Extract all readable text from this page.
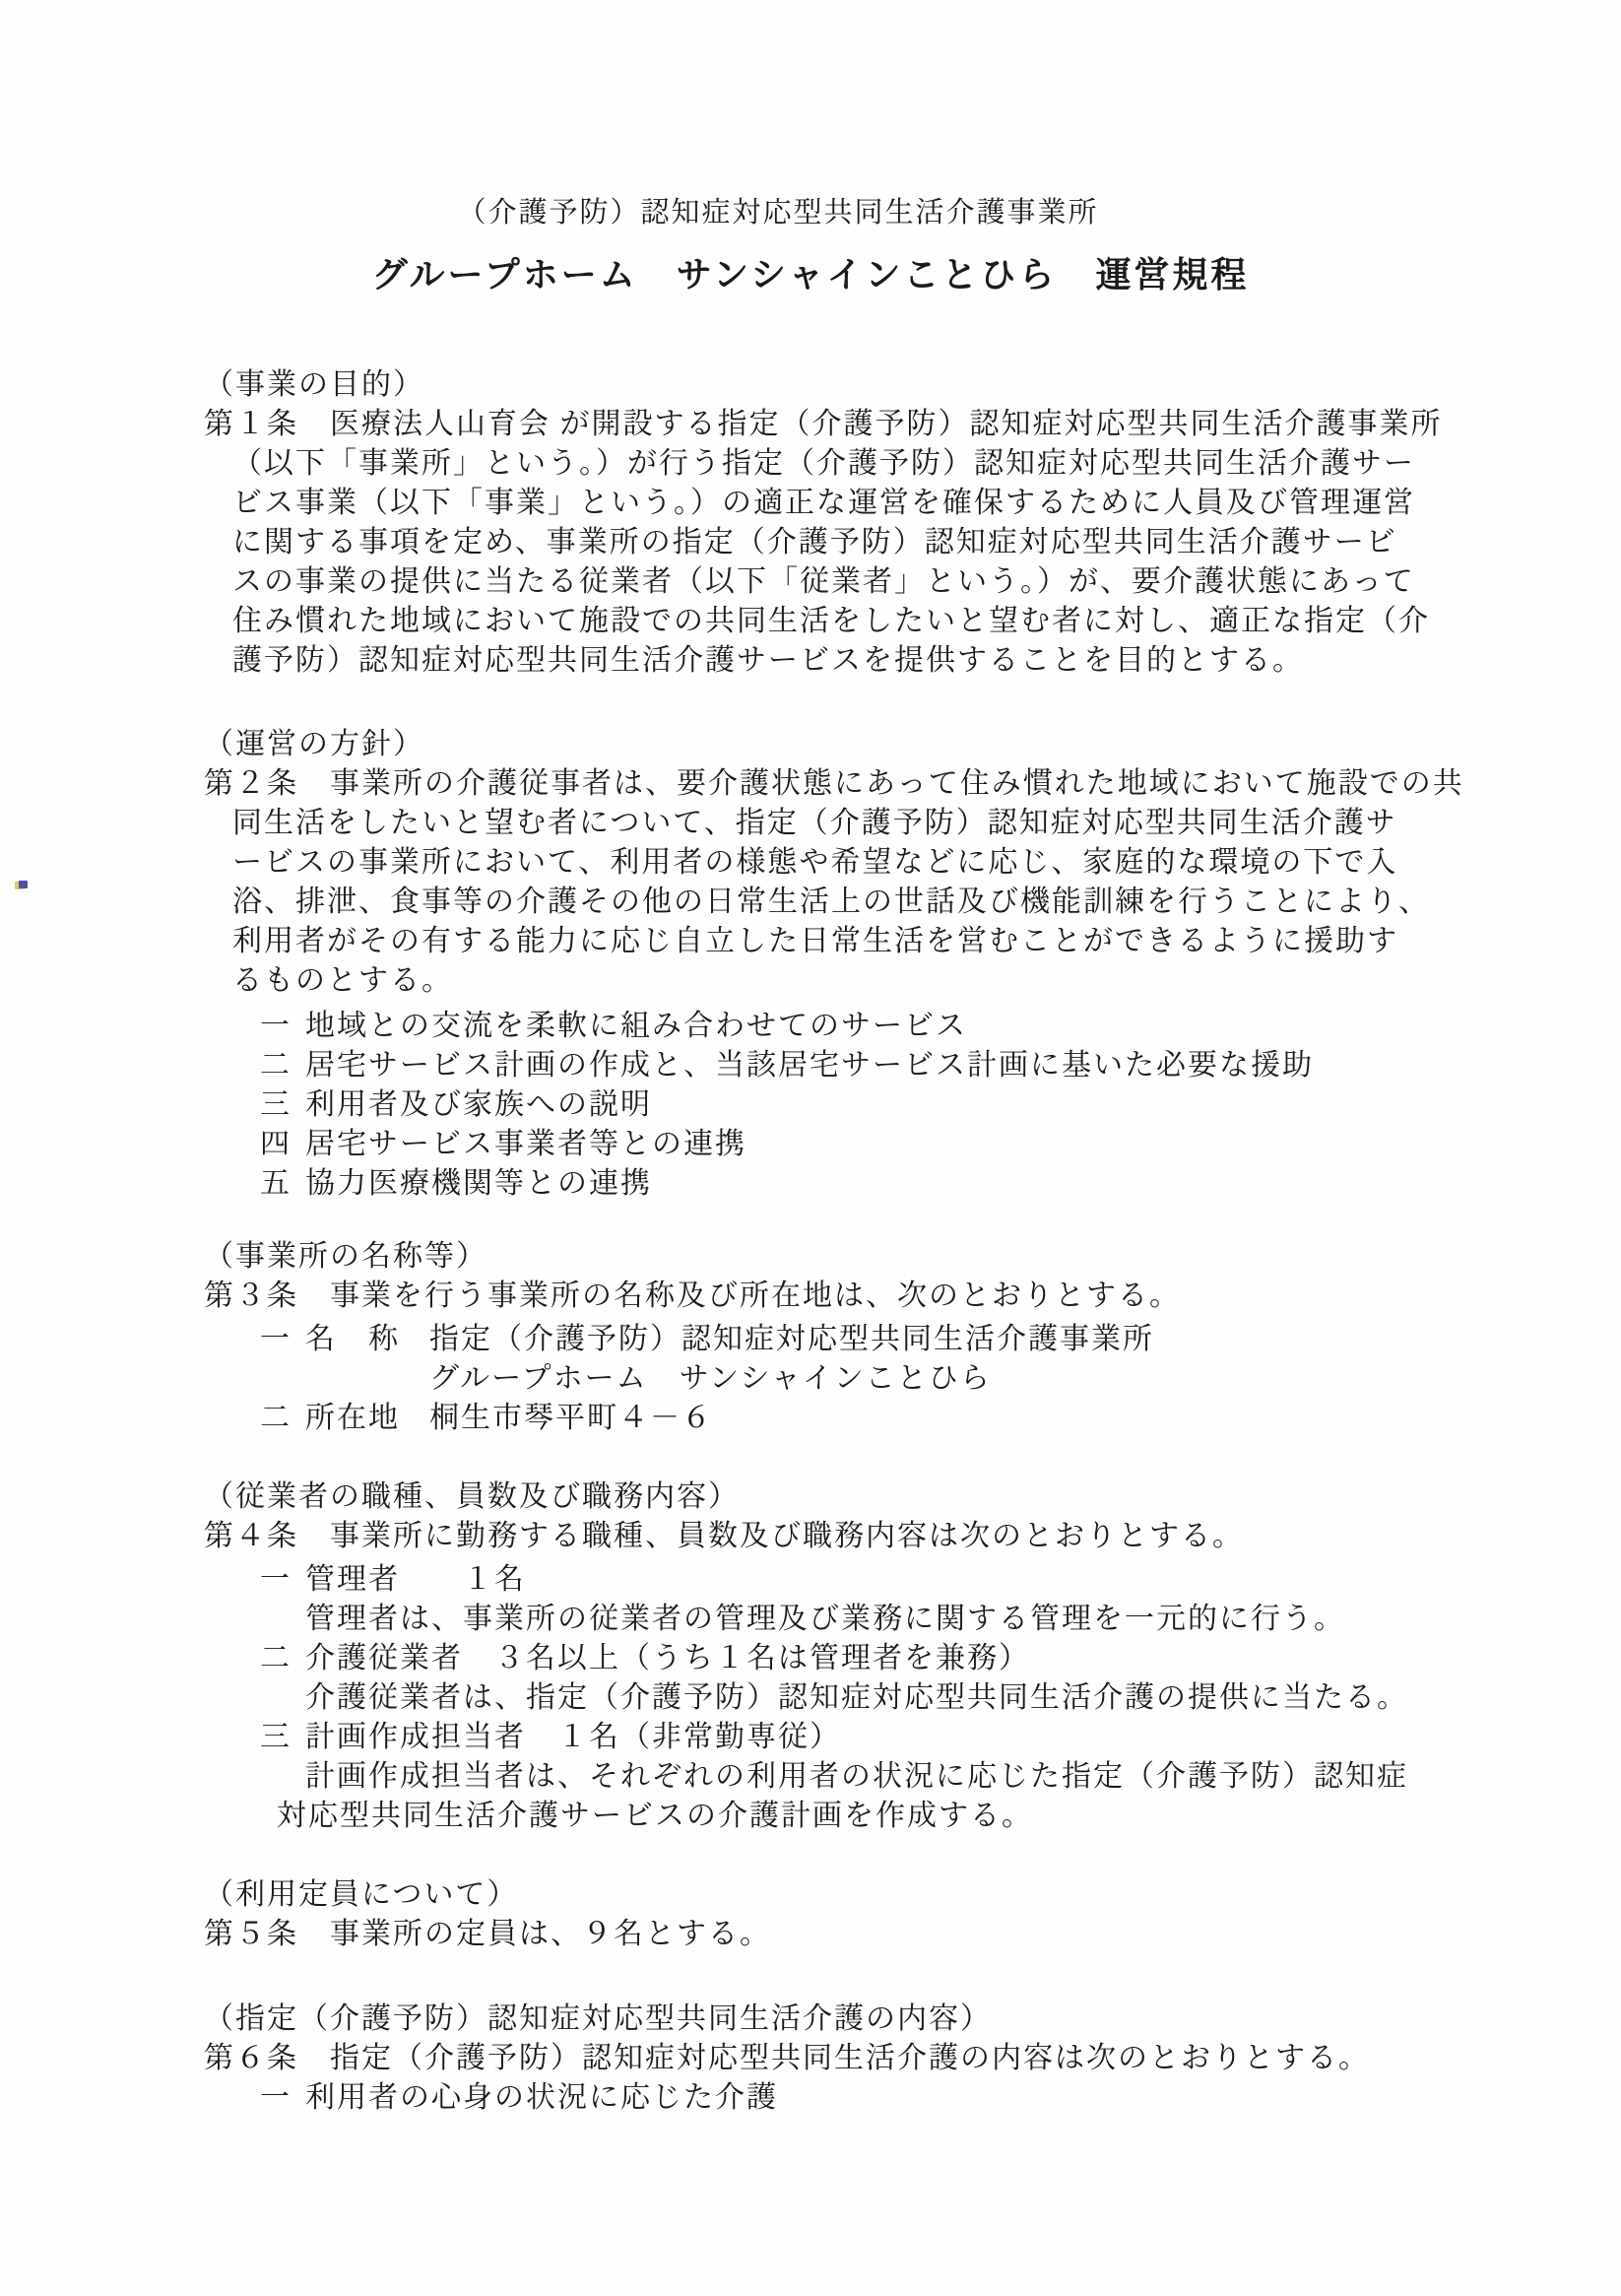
（介護予防）認知症対応型共同生活介護事業所
グループホーム　サンシャインことひら　運営規程
（事業の目的）
第１条　医療法人山育会 が開設する指定（介護予防）認知症対応型共同生活介護事業所
（以下「事業所」という。）が行う指定（介護予防）認知症対応型共同生活介護サー
ビス事業（以下「事業」という。）の適正な運営を確保するために人員及び管理運営
に関する事項を定め、事業所の指定（介護予防）認知症対応型共同生活介護サービ
スの事業の提供に当たる従業者（以下「従業者」という。）が、要介護状態にあって
住み慣れた地域において施設での共同生活をしたいと望む者に対し、適正な指定（介
護予防）認知症対応型共同生活介護サービスを提供することを目的とする。
（運営の方針）
第２条　事業所の介護従事者は、要介護状態にあって住み慣れた地域において施設での共
同生活をしたいと望む者について、指定（介護予防）認知症対応型共同生活介護サ
ービスの事業所において、利用者の様態や希望などに応じ、家庭的な環境の下で入
浴、排泄、食事等の介護その他の日常生活上の世話及び機能訓練を行うことにより、
利用者がその有する能力に応じ自立した日常生活を営むことができるように援助す
るものとする。
一 地域との交流を柔軟に組み合わせてのサービス
二 居宅サービス計画の作成と、当該居宅サービス計画に基いた必要な援助
三 利用者及び家族への説明
四 居宅サービス事業者等との連携
五 協力医療機関等との連携
（事業所の名称等）
第３条　事業を行う事業所の名称及び所在地は、次のとおりとする。
一 名　称 指定（介護予防）認知症対応型共同生活介護事業所
グループホーム　サンシャインことひら
二 所在地 桐生市琴平町４－６
（従業者の職種、員数及び職務内容）
第４条　事業所に勤務する職種、員数及び職務内容は次のとおりとする。
一 管理者　　１名
管理者は、事業所の従業者の管理及び業務に関する管理を一元的に行う。
二 介護従業者　３名以上（うち１名は管理者を兼務）
介護従業者は、指定（介護予防）認知症対応型共同生活介護の提供に当たる。
三 計画作成担当者　１名（非常勤専従）
計画作成担当者は、それぞれの利用者の状況に応じた指定（介護予防）認知症
対応型共同生活介護サービスの介護計画を作成する。
（利用定員について）
第５条　事業所の定員は、９名とする。
（指定（介護予防）認知症対応型共同生活介護の内容）
第６条　指定（介護予防）認知症対応型共同生活介護の内容は次のとおりとする。
一 利用者の心身の状況に応じた介護
